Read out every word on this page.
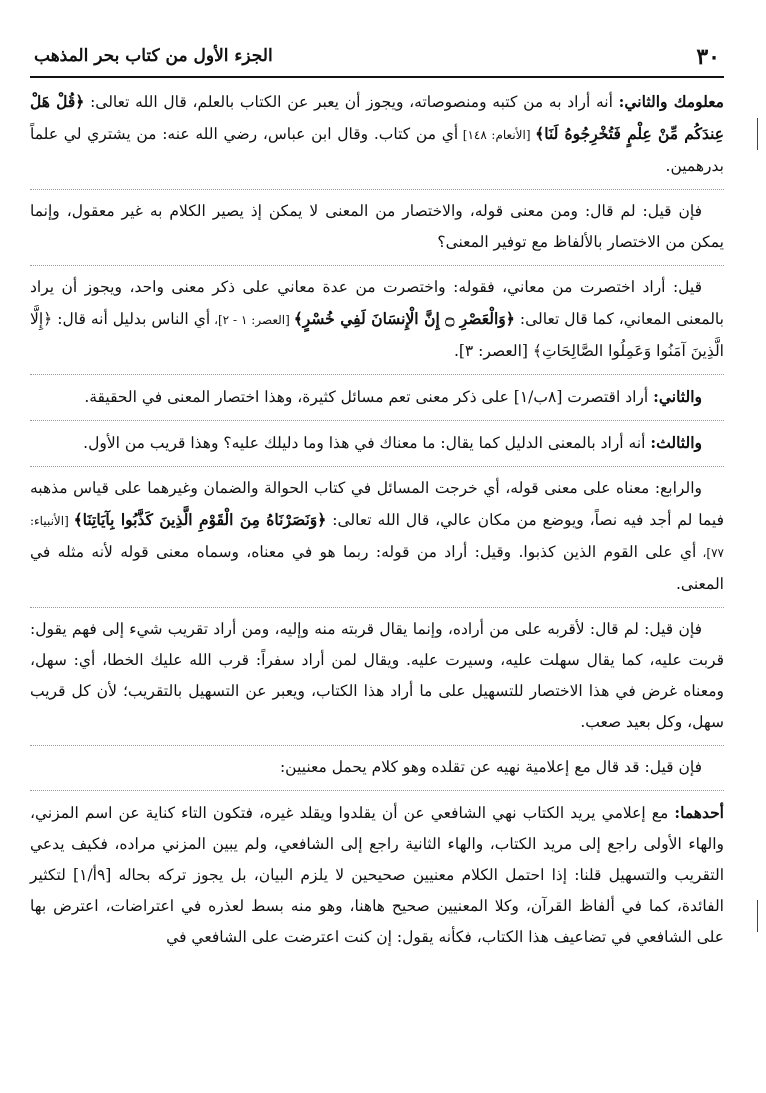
٣٠
الجزء الأول من كتاب بحر المذهب

معلومك والثاني: أنه أراد به من كتبه ومنصوصاته، ويجوز أن يعبر عن الكتاب بالعلم، قال الله تعالى: ﴿قُلْ هَلْ عِندَكُم مِّنْ عِلْمٍ فَتُخْرِجُوهُ لَنَا﴾ [الأنعام: ١٤٨] أي من كتاب. وقال ابن عباس، رضي الله عنه: من يشتري لي علماً بدرهمين.

فإن قيل: لم قال: ومن معنى قوله، والاختصار من المعنى لا يمكن إذ يصير الكلام به غير معقول، وإنما يمكن من الاختصار بالألفاظ مع توفير المعنى؟

قيل: أراد اختصرت من معاني، فقوله: واختصرت من عدة معاني على ذكر معنى واحد، ويجوز أن يراد بالمعنى المعاني، كما قال تعالى: ﴿وَالْعَصْرِ ۝ إِنَّ الْإِنسَانَ لَفِي خُسْرٍ﴾ [العصر: ١ - ٢]، أي الناس بدليل أنه قال: ﴿إِلَّا الَّذِينَ آمَنُوا وَعَمِلُوا الصَّالِحَاتِ﴾ [العصر: ٣].

والثاني: أراد اقتصرت [٨ب/١] على ذكر معنى تعم مسائل كثيرة، وهذا اختصار المعنى في الحقيقة.

والثالث: أنه أراد بالمعنى الدليل كما يقال: ما معناك في هذا وما دليلك عليه؟ وهذا قريب من الأول.

والرابع: معناه على معنى قوله، أي خرجت المسائل في كتاب الحوالة والضمان وغيرهما على قياس مذهبه فيما لم أجد فيه نصاً، ويوضع من مكان عالي، قال الله تعالى: ﴿وَنَصَرْنَاهُ مِنَ الْقَوْمِ الَّذِينَ كَذَّبُوا بِآيَاتِنَا﴾ [الأنبياء: ٧٧]، أي على القوم الذين كذبوا. وقيل: أراد من قوله: ربما هو في معناه، وسماه معنى قوله لأنه مثله في المعنى.

فإن قيل: لم قال: لأقربه على من أراده، وإنما يقال قربته منه وإليه، ومن أراد تقريب شيء إلى فهم يقول: قربت عليه، كما يقال سهلت عليه، وسيرت عليه. ويقال لمن أراد سفراً: قرب الله عليك الخطا، أي: سهل، ومعناه غرض في هذا الاختصار للتسهيل على ما أراد هذا الكتاب، ويعبر عن التسهيل بالتقريب؛ لأن كل قريب سهل، وكل بعيد صعب.

فإن قيل: قد قال مع إعلامية نهيه عن تقلده وهو كلام يحمل معنيين:

أحدهما: مع إعلامي يريد الكتاب نهي الشافعي عن أن يقلدوا ويقلد غيره، فتكون التاء كناية عن اسم المزني، والهاء الأولى راجع إلى مريد الكتاب، والهاء الثانية راجع إلى الشافعي، ولم يبين المزني مراده، فكيف يدعي التقريب والتسهيل قلنا: إذا احتمل الكلام معنيين صحيحين لا يلزم البيان، بل يجوز تركه بحاله [٩أ/١] لتكثير الفائدة، كما في ألفاظ القرآن، وكلا المعنيين صحيح هاهنا، وهو منه بسط لعذره في اعتراضات، اعترض بها على الشافعي في تضاعيف هذا الكتاب، فكأنه يقول: إن كنت اعترضت على الشافعي في
